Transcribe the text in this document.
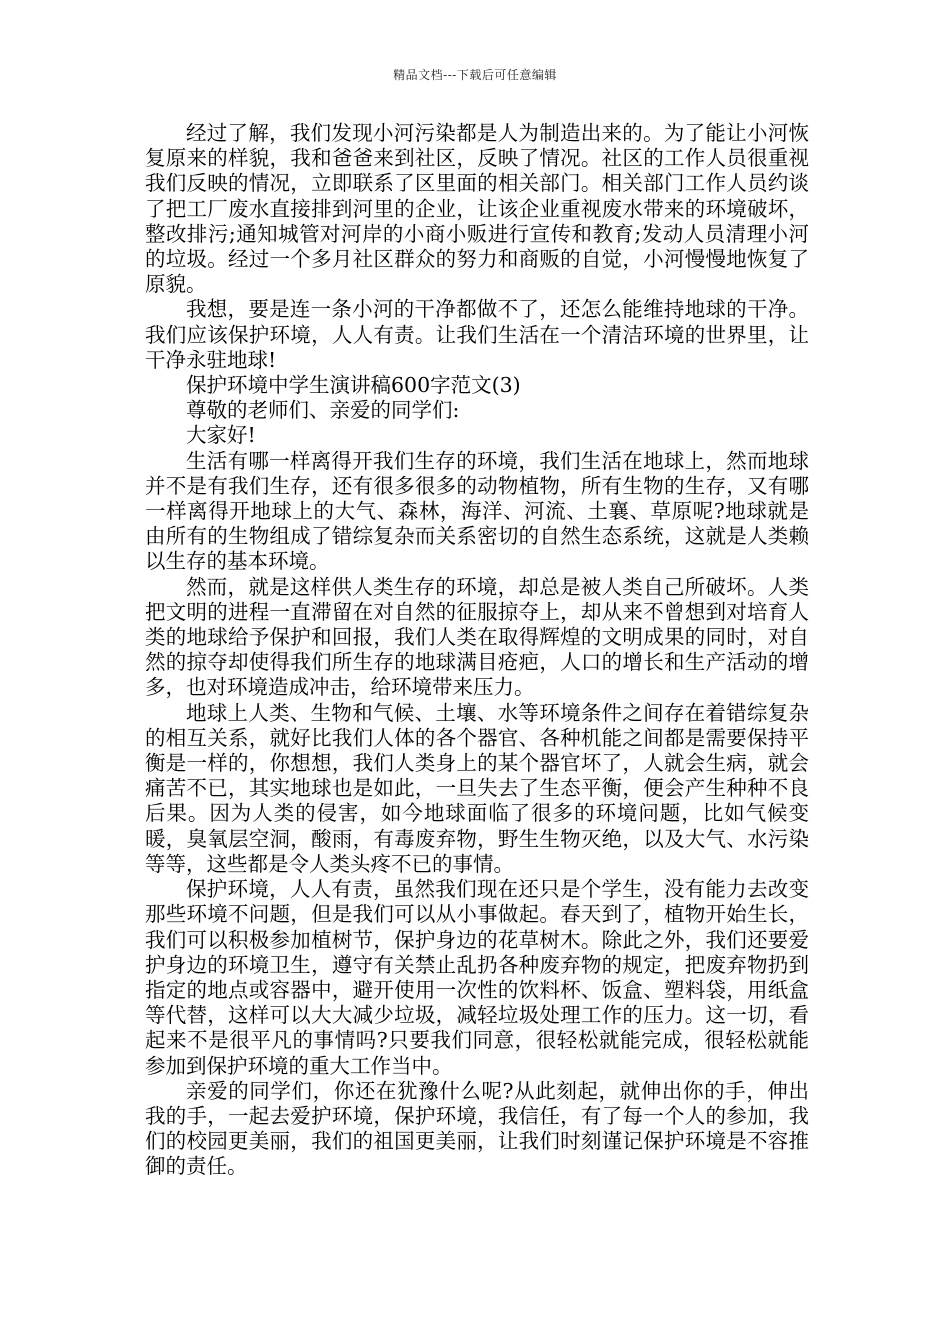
精品文档---下载后可任意编辑

经过了解，我们发现小河污染都是人为制造出来的。为了能让小河恢复原来的样貌，我和爸爸来到社区，反映了情况。社区的工作人员很重视我们反映的情况，立即联系了区里面的相关部门。相关部门工作人员约谈了把工厂废水直接排到河里的企业，让该企业重视废水带来的环境破坏，整改排污;通知城管对河岸的小商小贩进行宣传和教育;发动人员清理小河的垃圾。经过一个多月社区群众的努力和商贩的自觉，小河慢慢地恢复了原貌。

我想，要是连一条小河的干净都做不了，还怎么能维持地球的干净。我们应该保护环境，人人有责。让我们生活在一个清洁环境的世界里，让干净永驻地球!

保护环境中学生演讲稿600字范文(3)

尊敬的老师们、亲爱的同学们:

大家好!

生活有哪一样离得开我们生存的环境，我们生活在地球上，然而地球并不是有我们生存，还有很多很多的动物植物，所有生物的生存，又有哪一样离得开地球上的大气、森林，海洋、河流、土襄、草原呢?地球就是由所有的生物组成了错综复杂而关系密切的自然生态系统，这就是人类赖以生存的基本环境。

然而，就是这样供人类生存的环境，却总是被人类自己所破坏。人类把文明的进程一直滞留在对自然的征服掠夺上，却从来不曾想到对培育人类的地球给予保护和回报，我们人类在取得辉煌的文明成果的同时，对自然的掠夺却使得我们所生存的地球满目疮疤，人口的增长和生产活动的增多，也对环境造成冲击，给环境带来压力。

地球上人类、生物和气候、土壤、水等环境条件之间存在着错综复杂的相互关系，就好比我们人体的各个器官、各种机能之间都是需要保持平衡是一样的，你想想，我们人类身上的某个器官坏了，人就会生病，就会痛苦不已，其实地球也是如此，一旦失去了生态平衡，便会产生种种不良后果。因为人类的侵害，如今地球面临了很多的环境问题，比如气候变暖，臭氧层空洞，酸雨，有毒废弃物，野生生物灭绝，以及大气、水污染等等，这些都是令人类头疼不已的事情。

保护环境，人人有责，虽然我们现在还只是个学生，没有能力去改变那些环境不问题，但是我们可以从小事做起。春天到了，植物开始生长，我们可以积极参加植树节，保护身边的花草树木。除此之外，我们还要爱护身边的环境卫生，遵守有关禁止乱扔各种废弃物的规定，把废弃物扔到指定的地点或容器中，避开使用一次性的饮料杯、饭盒、塑料袋，用纸盒等代替，这样可以大大减少垃圾，减轻垃圾处理工作的压力。这一切，看起来不是很平凡的事情吗?只要我们同意，很轻松就能完成，很轻松就能参加到保护环境的重大工作当中。

亲爱的同学们，你还在犹豫什么呢?从此刻起，就伸出你的手，伸出我的手，一起去爱护环境，保护环境，我信任，有了每一个人的参加，我们的校园更美丽，我们的祖国更美丽，让我们时刻谨记保护环境是不容推御的责任。
